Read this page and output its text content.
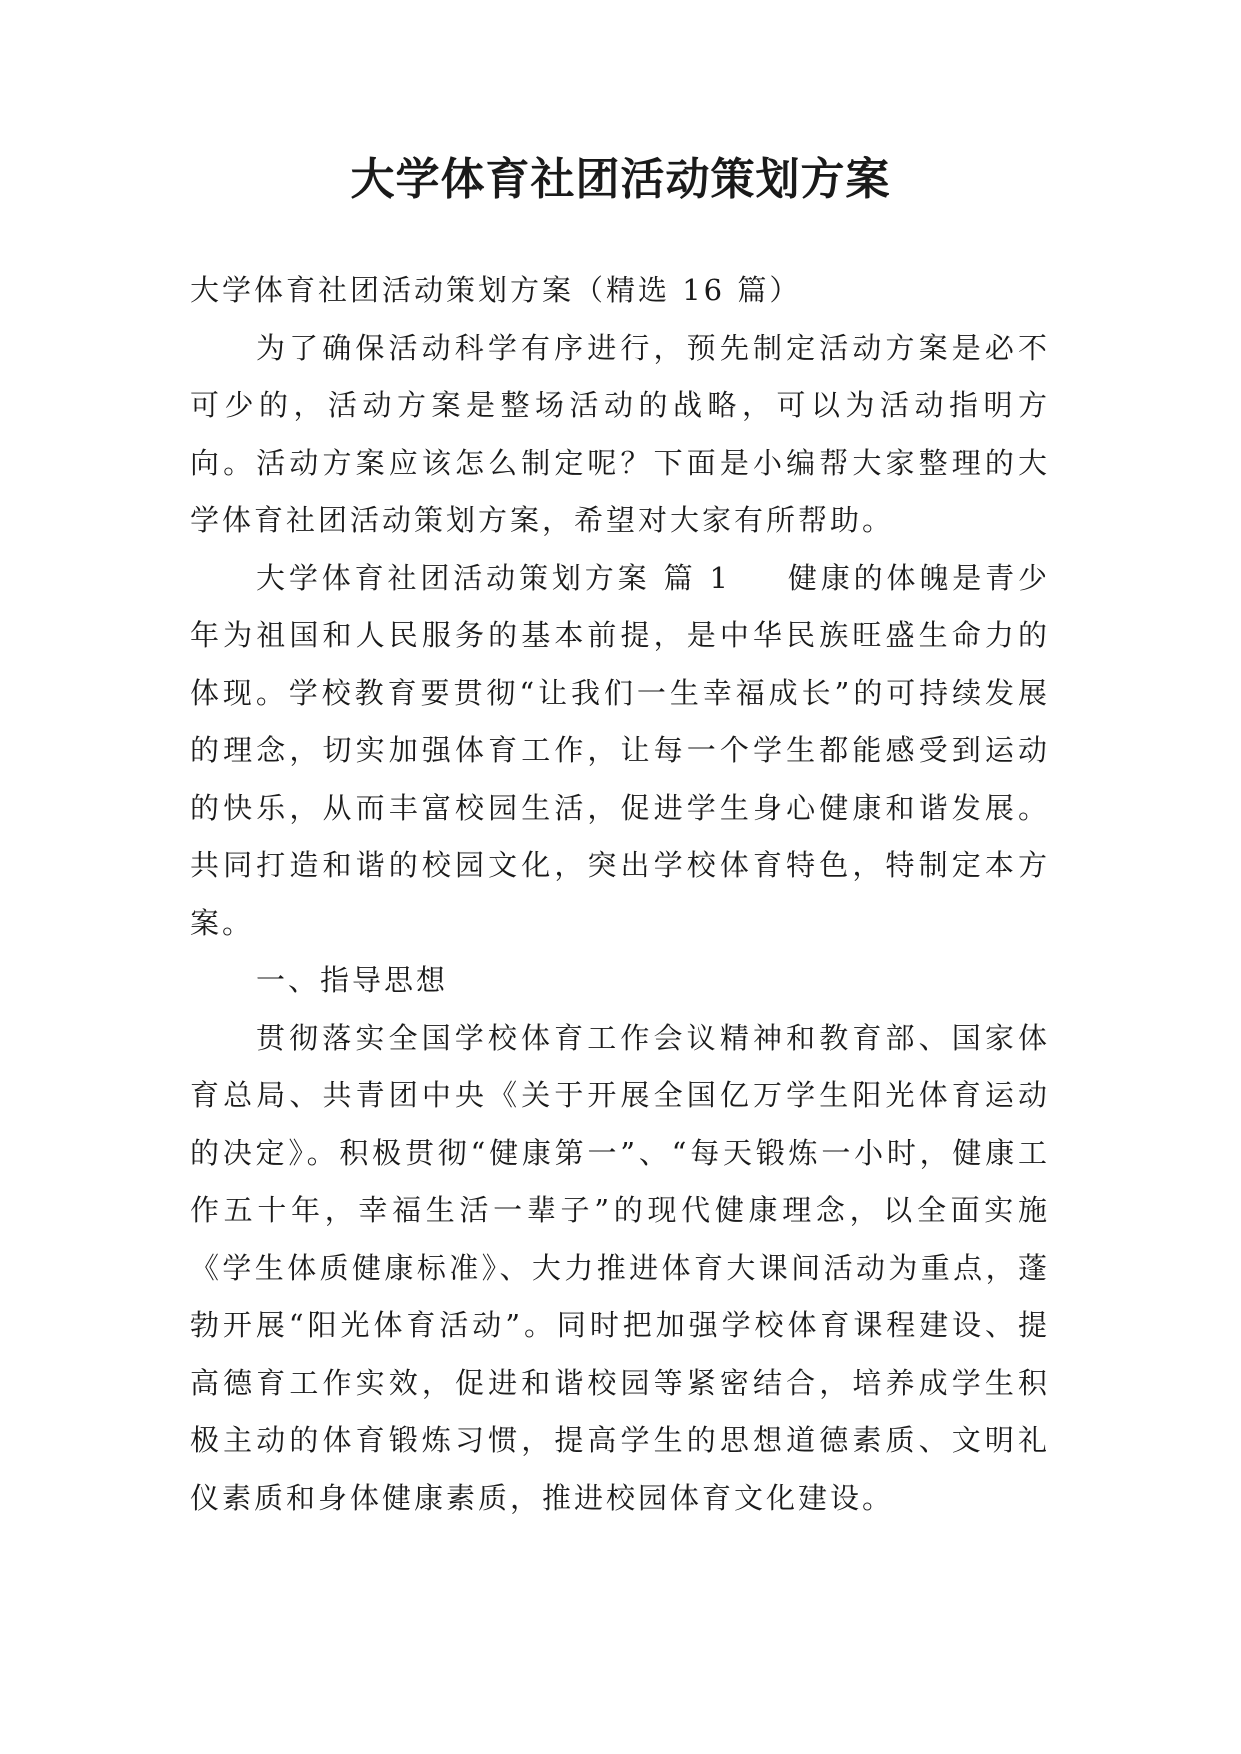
大学体育社团活动策划方案

大学体育社团活动策划方案（精选 16 篇）

为了确保活动科学有序进行，预先制定活动方案是必不可少的，活动方案是整场活动的战略，可以为活动指明方向。活动方案应该怎么制定呢？下面是小编帮大家整理的大学体育社团活动策划方案，希望对大家有所帮助。

大学体育社团活动策划方案 篇 1 健康的体魄是青少年为祖国和人民服务的基本前提，是中华民族旺盛生命力的体现。学校教育要贯彻“让我们一生幸福成长”的可持续发展的理念，切实加强体育工作，让每一个学生都能感受到运动的快乐，从而丰富校园生活，促进学生身心健康和谐发展。共同打造和谐的校园文化，突出学校体育特色，特制定本方案。

一、指导思想

贯彻落实全国学校体育工作会议精神和教育部、国家体育总局、共青团中央《关于开展全国亿万学生阳光体育运动的决定》。积极贯彻“健康第一”、“每天锻炼一小时，健康工作五十年，幸福生活一辈子”的现代健康理念，以全面实施《学生体质健康标准》、大力推进体育大课间活动为重点，蓬勃开展“阳光体育活动”。同时把加强学校体育课程建设、提高德育工作实效，促进和谐校园等紧密结合，培养成学生积极主动的体育锻炼习惯，提高学生的思想道德素质、文明礼仪素质和身体健康素质，推进校园体育文化建设。
